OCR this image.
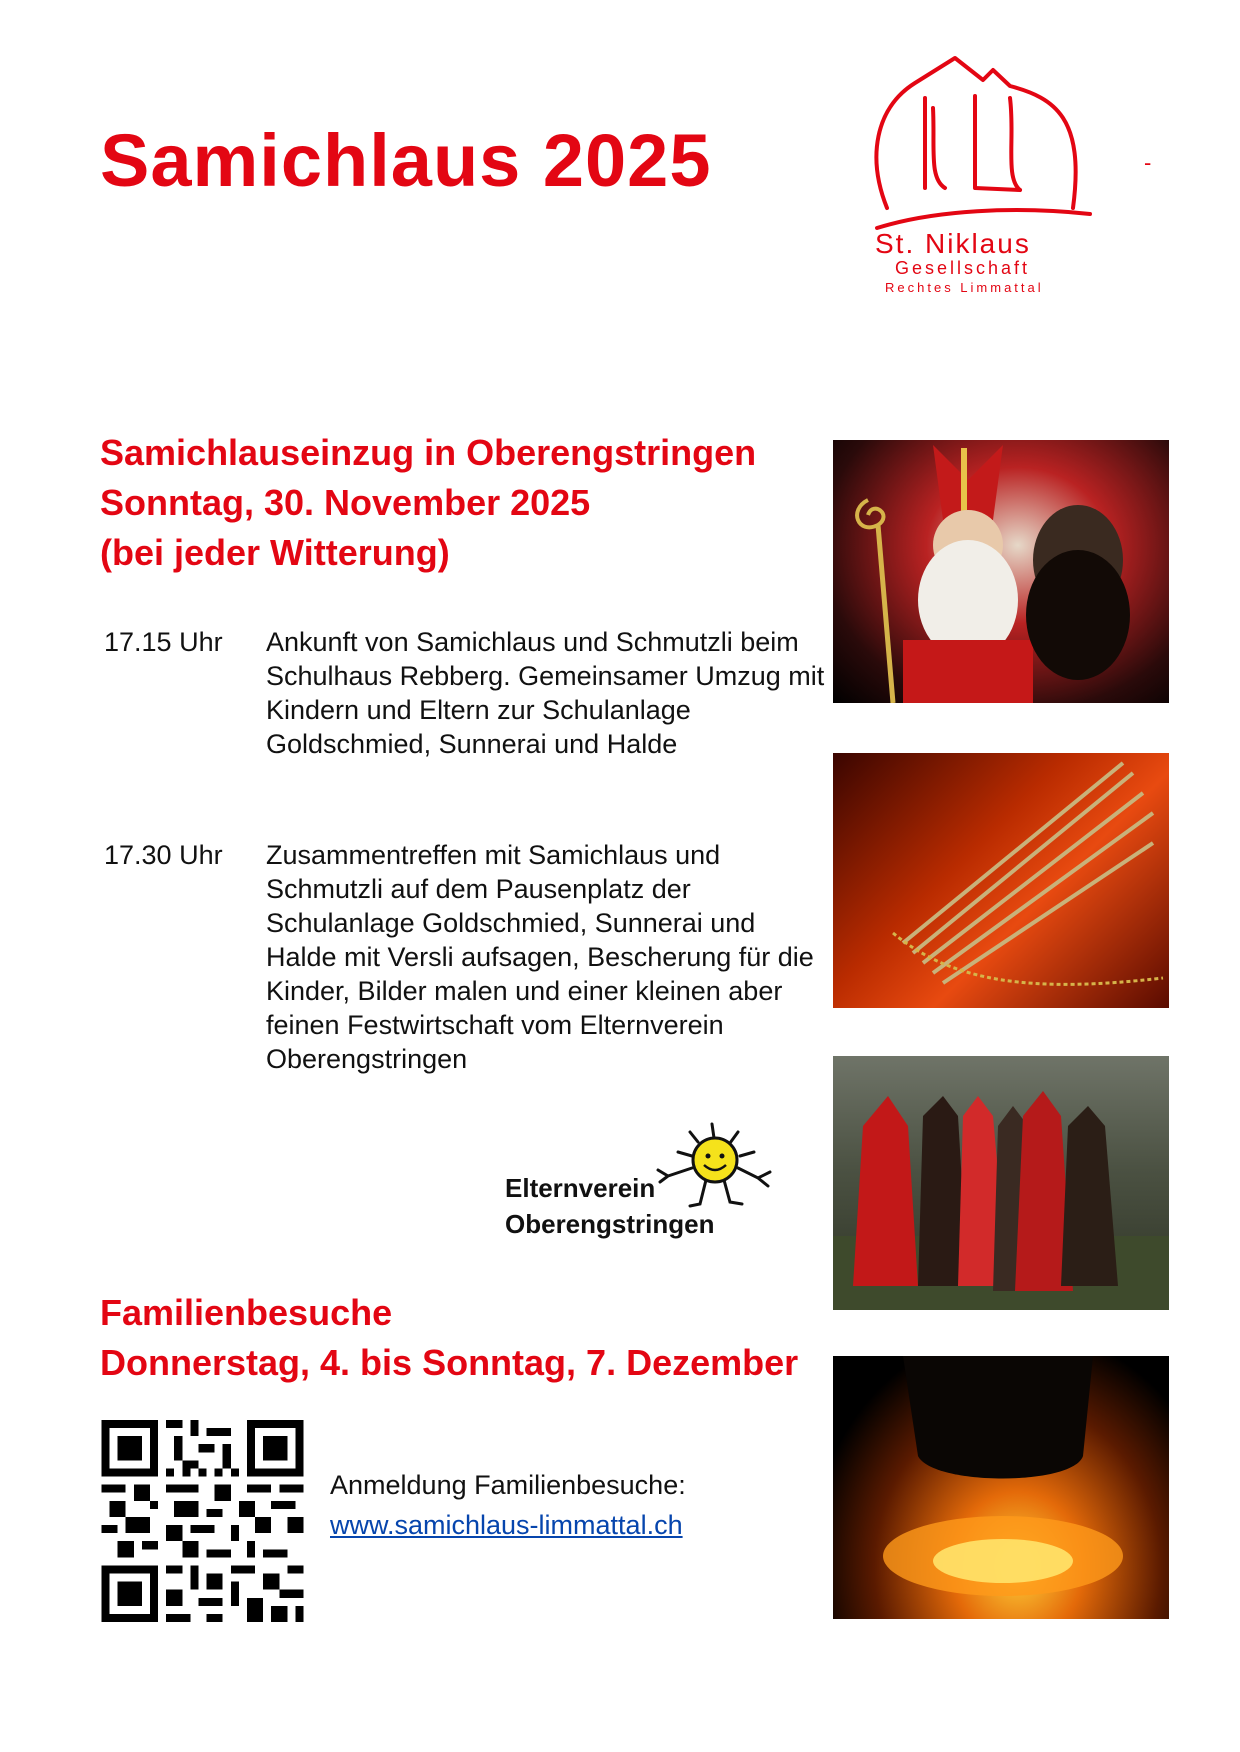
Samichlaus 2025	-
St. Niklaus
Gesellschaft
Rechtes Limmattal
Samichlauseinzug in Oberengstringen
Sonntag, 30. November 2025
(bei jeder Witterung)
17.15 Uhr Ankunft von Samichlaus und Schmutzli beim Schulhaus Rebberg. Gemeinsamer Umzug mit Kindern und Eltern zur Schulanlage Goldschmied, Sunnerai und Halde
17.30 Uhr Zusammentreffen mit Samichlaus und Schmutzli auf dem Pausenplatz der Schulanlage Goldschmied, Sunnerai und Halde mit Versli aufsagen, Bescherung für die Kinder, Bilder malen und einer kleinen aber feinen Festwirtschaft vom Elternverein Oberengstringen
Elternverein
Oberengstringen
Familienbesuche
Donnerstag, 4. bis Sonntag, 7. Dezember
Anmeldung Familienbesuche:
www.samichlaus-limmattal.ch
